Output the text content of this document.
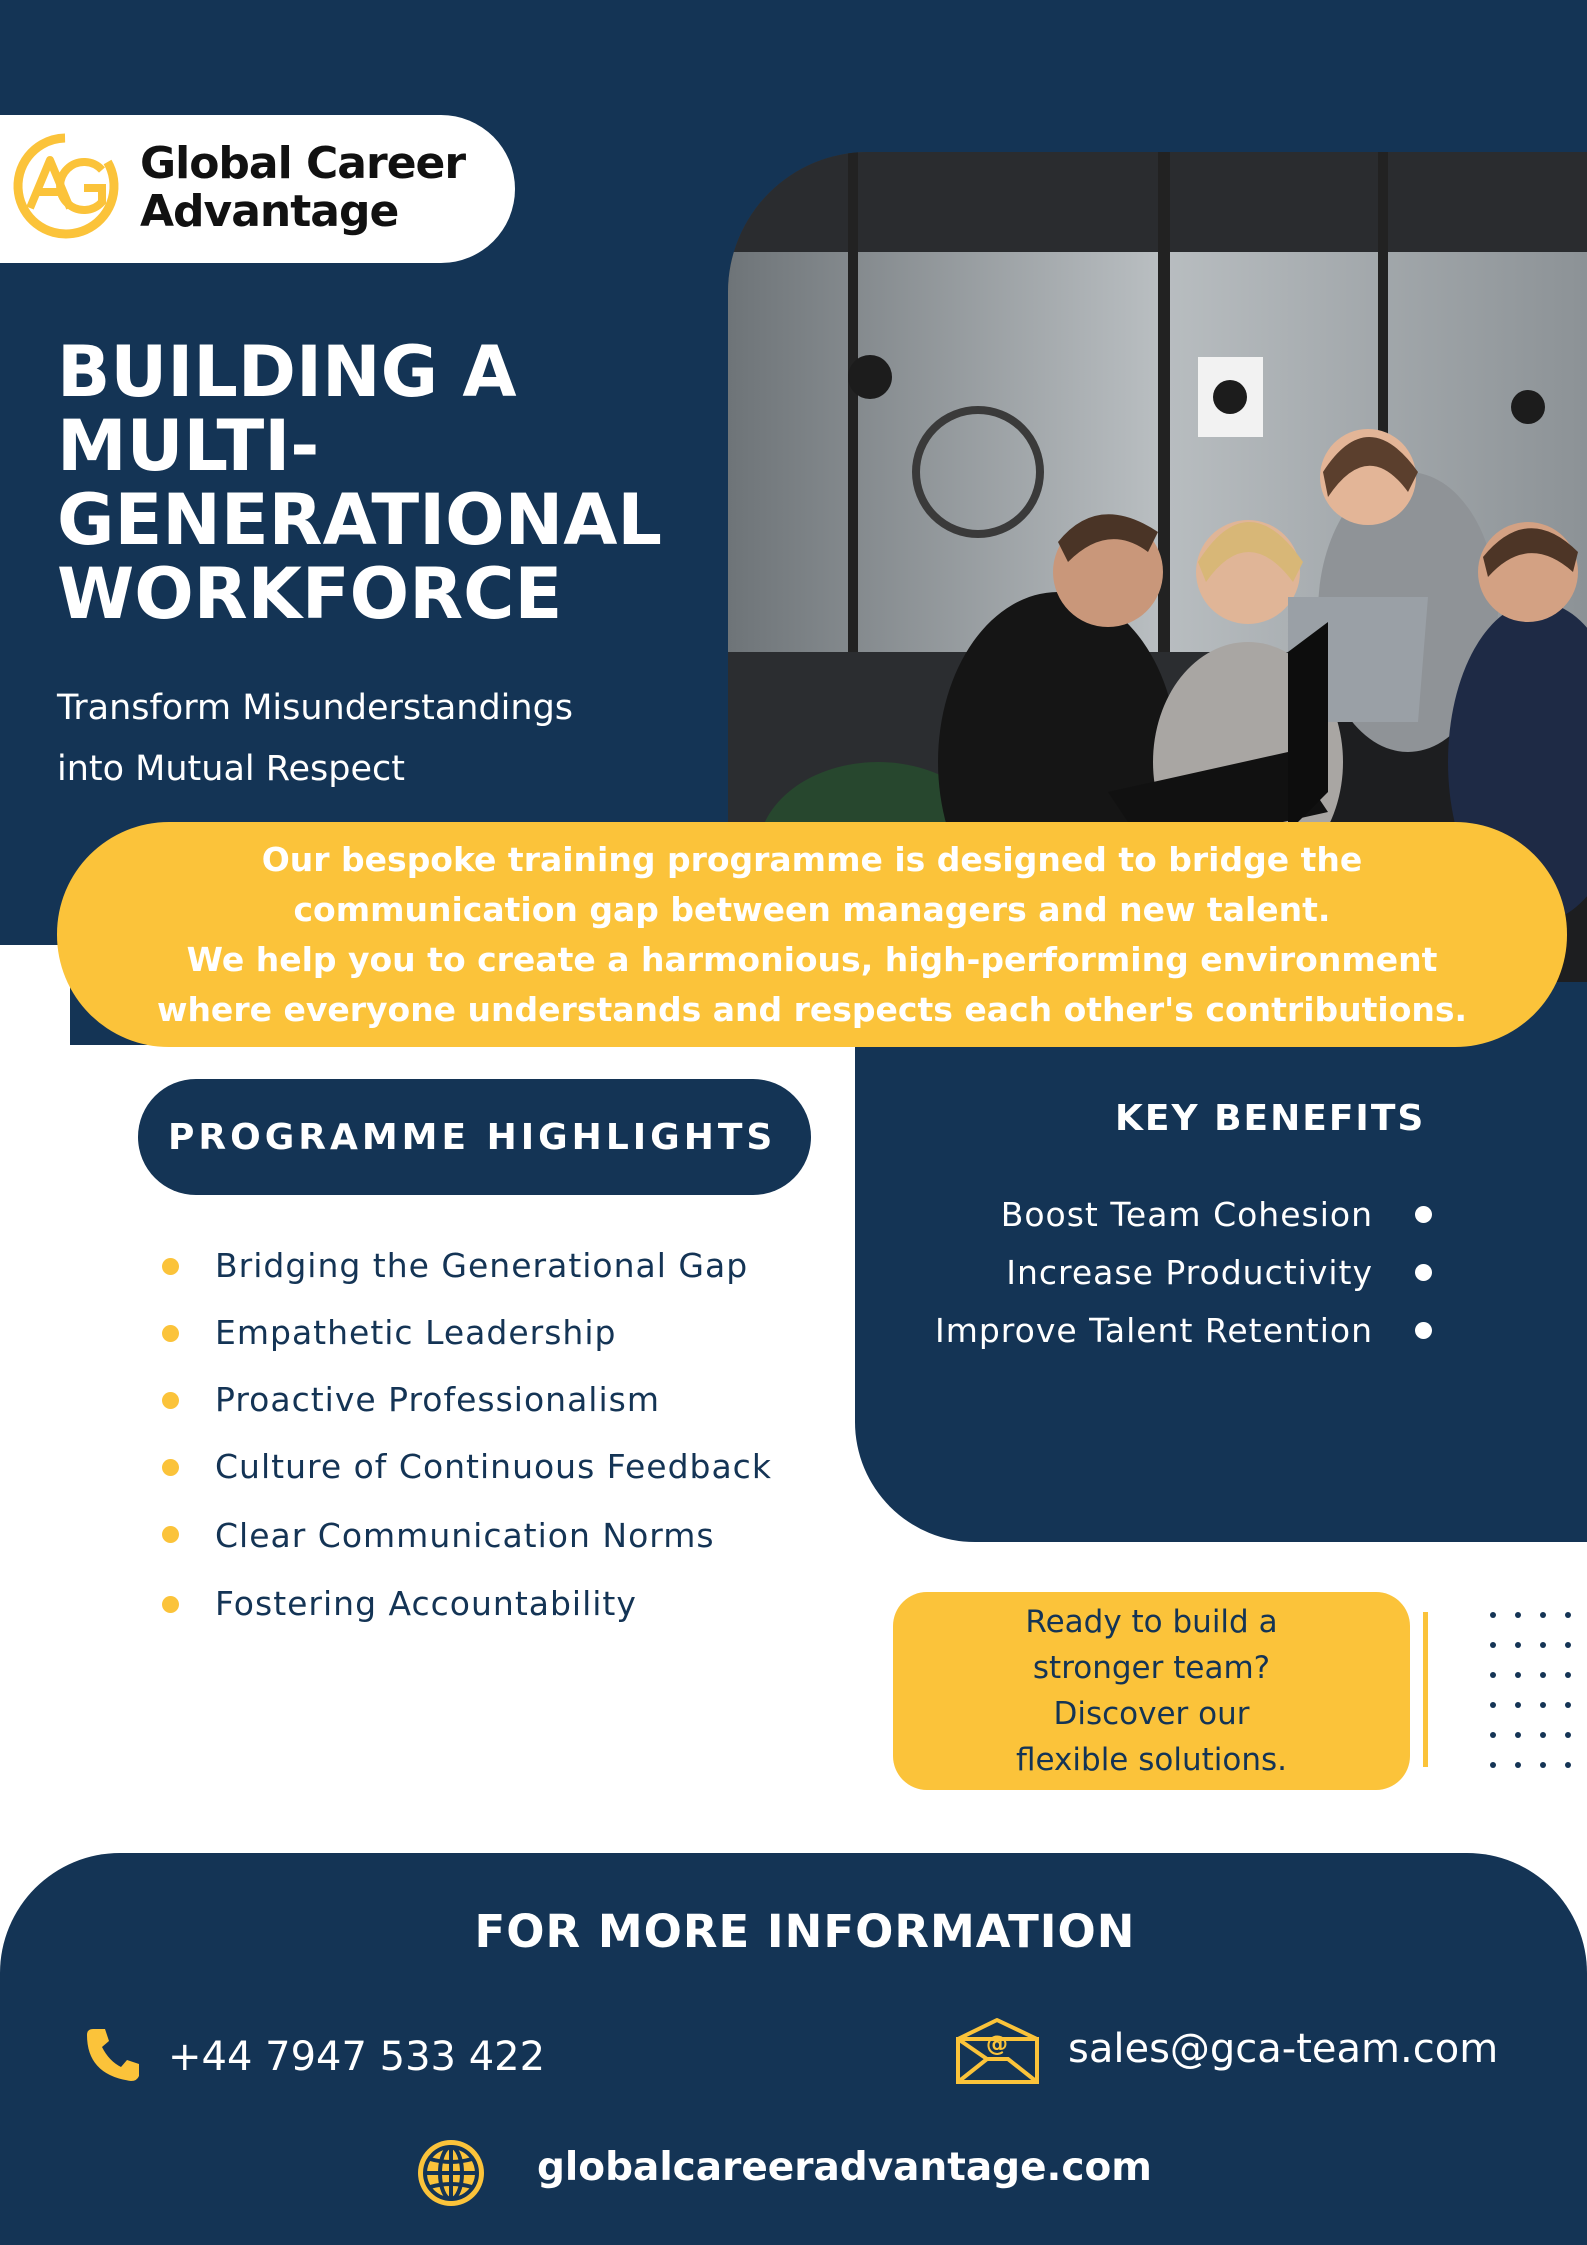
Global Career
Advantage
BUILDING A
MULTI-
GENERATIONAL
WORKFORCE
Transform Misunderstandings
into Mutual Respect
Our bespoke training programme is designed to bridge the
communication gap between managers and new talent.
We help you to create a harmonious, high-performing environment
where everyone understands and respects each other's contributions.
PROGRAMME HIGHLIGHTS
Bridging the Generational Gap
Empathetic Leadership
Proactive Professionalism
Culture of Continuous Feedback
Clear Communication Norms
Fostering Accountability
KEY BENEFITS
Boost Team Cohesion
Increase Productivity
Improve Talent Retention
Ready to build a
stronger team?
Discover our
flexible solutions.
FOR MORE INFORMATION
+44 7947 533 422	@ sales@gca-team.com
globalcareeradvantage.com
